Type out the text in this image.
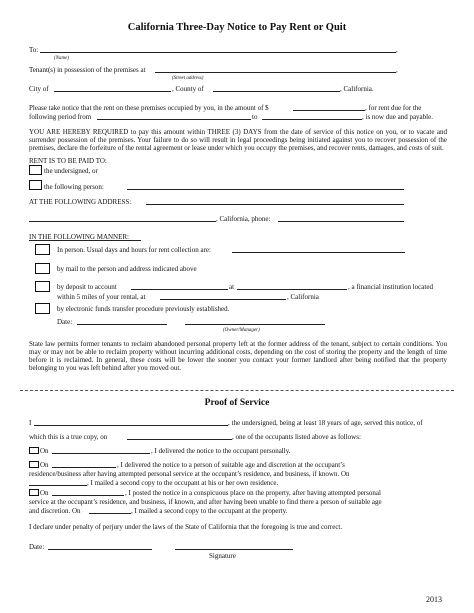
California Three-Day Notice to Pay Rent or Quit
To:	,
(Name)
Tenant(s) in possession of the premises at	,
(Street address)
City of	, County of	, California.
Please take notice that the rent on these premises occupied by you, in the amount of $	, for rent due for the
following period from	to	, is now due and payable.
YOU ARE HEREBY REQUIRED to pay this amount within THREE (3) DAYS from the date of service of this notice on you, or to vacate and surrender possession of the premises. Your failure to do so will result in legal proceedings being initiated against you to recover possession of the premises, declare the forfeiture of the rental agreement or lease under which you occupy the premises, and recover rents, damages, and costs of suit.
RENT IS TO BE PAID TO:
the undersigned, or
the following person:
AT THE FOLLOWING ADDRESS:
, California, phone:
IN THE FOLLOWING MANNER:
In person. Usual days and hours for rent collection are:
by mail to the person and address indicated above
by deposit to account	at	, a financial institution located
within 5 miles of your rental, at	, California
by electronic funds transfer procedure previously established.
Date:
(Owner/Manager)
State law permits former tenants to reclaim abandoned personal property left at the former address of the tenant, subject to certain conditions. You may or may not be able to reclaim property without incurring additional costs, depending on the cost of storing the property and the length of time before it is reclaimed. In general, these costs will be lower the sooner you contact your former landlord after being notified that the property belonging to you was left behind after you moved out.
Proof of Service
I	, the undersigned, being at least 18 years of age, served this notice, of
which this is a true copy, on	, one of the occupants listed above as follows:
On	, I delivered the notice to the occupant personally.
On	, I delivered the notice to a person of suitable age and discretion at the occupant’s
residence/business after having attempted personal service at the occupant’s residence, and business, if known. On
, I mailed a second copy to the occupant at his or her own residence.
On	, I posted the notice in a conspicuous place on the property, after having attempted personal
service at the occupant’s residence, and business, if known, and after having been unable to find there a person of suitable age
and discretion. On	, I mailed a second copy to the occupant at the property.
I declare under penalty of perjury under the laws of the State of California that the foregoing is true and correct.
Date:
Signature
2013
